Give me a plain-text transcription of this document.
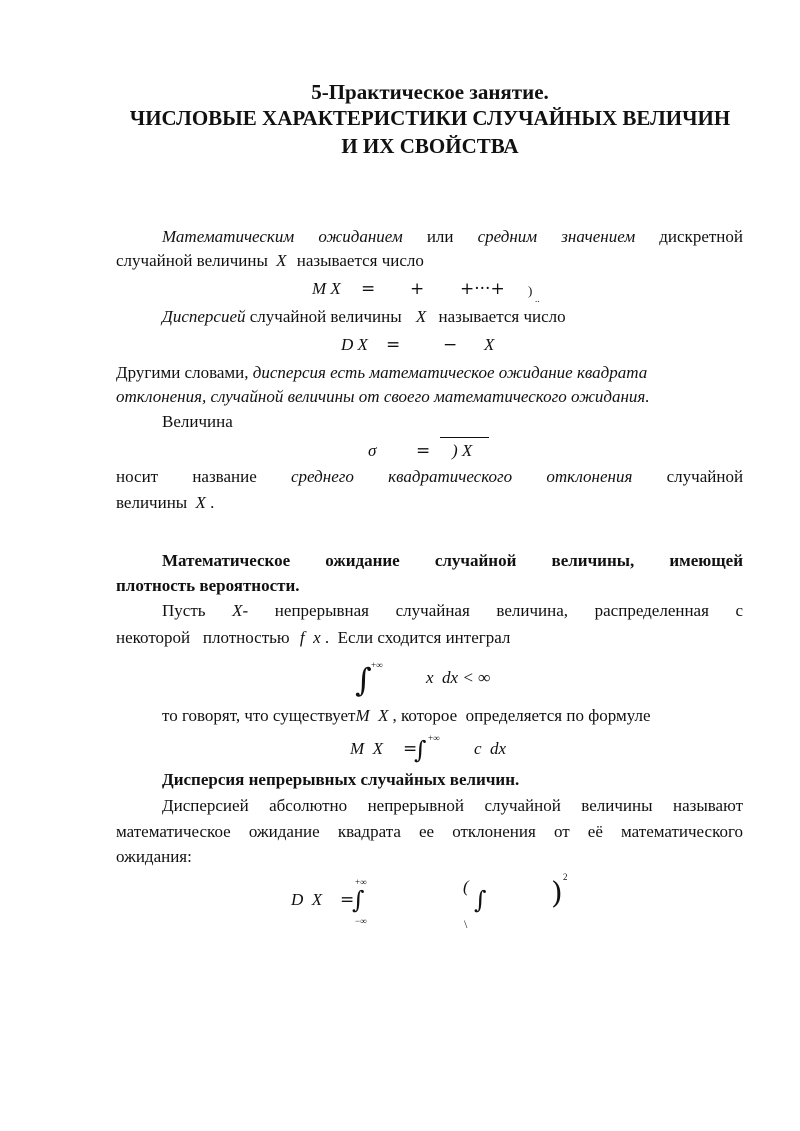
5-Практическое занятие.
ЧИСЛОВЫЕ ХАРАКТЕРИСТИКИ СЛУЧАЙНЫХ ВЕЛИЧИН
И ИХ СВОЙСТВА
Математическим ожиданием или средним значением дискретной
случайной величины X называется число
M X = + +···+ )
..
Дисперсией случайной величины X называется число
D X =	− X
Другими словами, дисперсия есть математическое ожидание квадрата
отклонения, случайной величины от своего математического ожидания.
Величина
σ = ) X
носит название среднего квадратического отклонения случайной
величины X .
Математическое ожидание случайной величины, имеющей
плотность вероятности.
Пусть X- непрерывная случайная величина, распределенная с
некоторой   плотностью f  x .  Если сходится интеграл
+∞
∫	x  dx < ∞
то говорят, что существуетM  X , которое  определяется по формуле
M  X =
+∞
∫	c  dx
Дисперсия непрерывных случайных величин.
Дисперсией абсолютно непрерывной случайной величины называют
математическое ожидание квадрата ее отклонения от её математического
ожидания:
D  X =
+∞
∫
−∞
(
\
∫ ) 2
